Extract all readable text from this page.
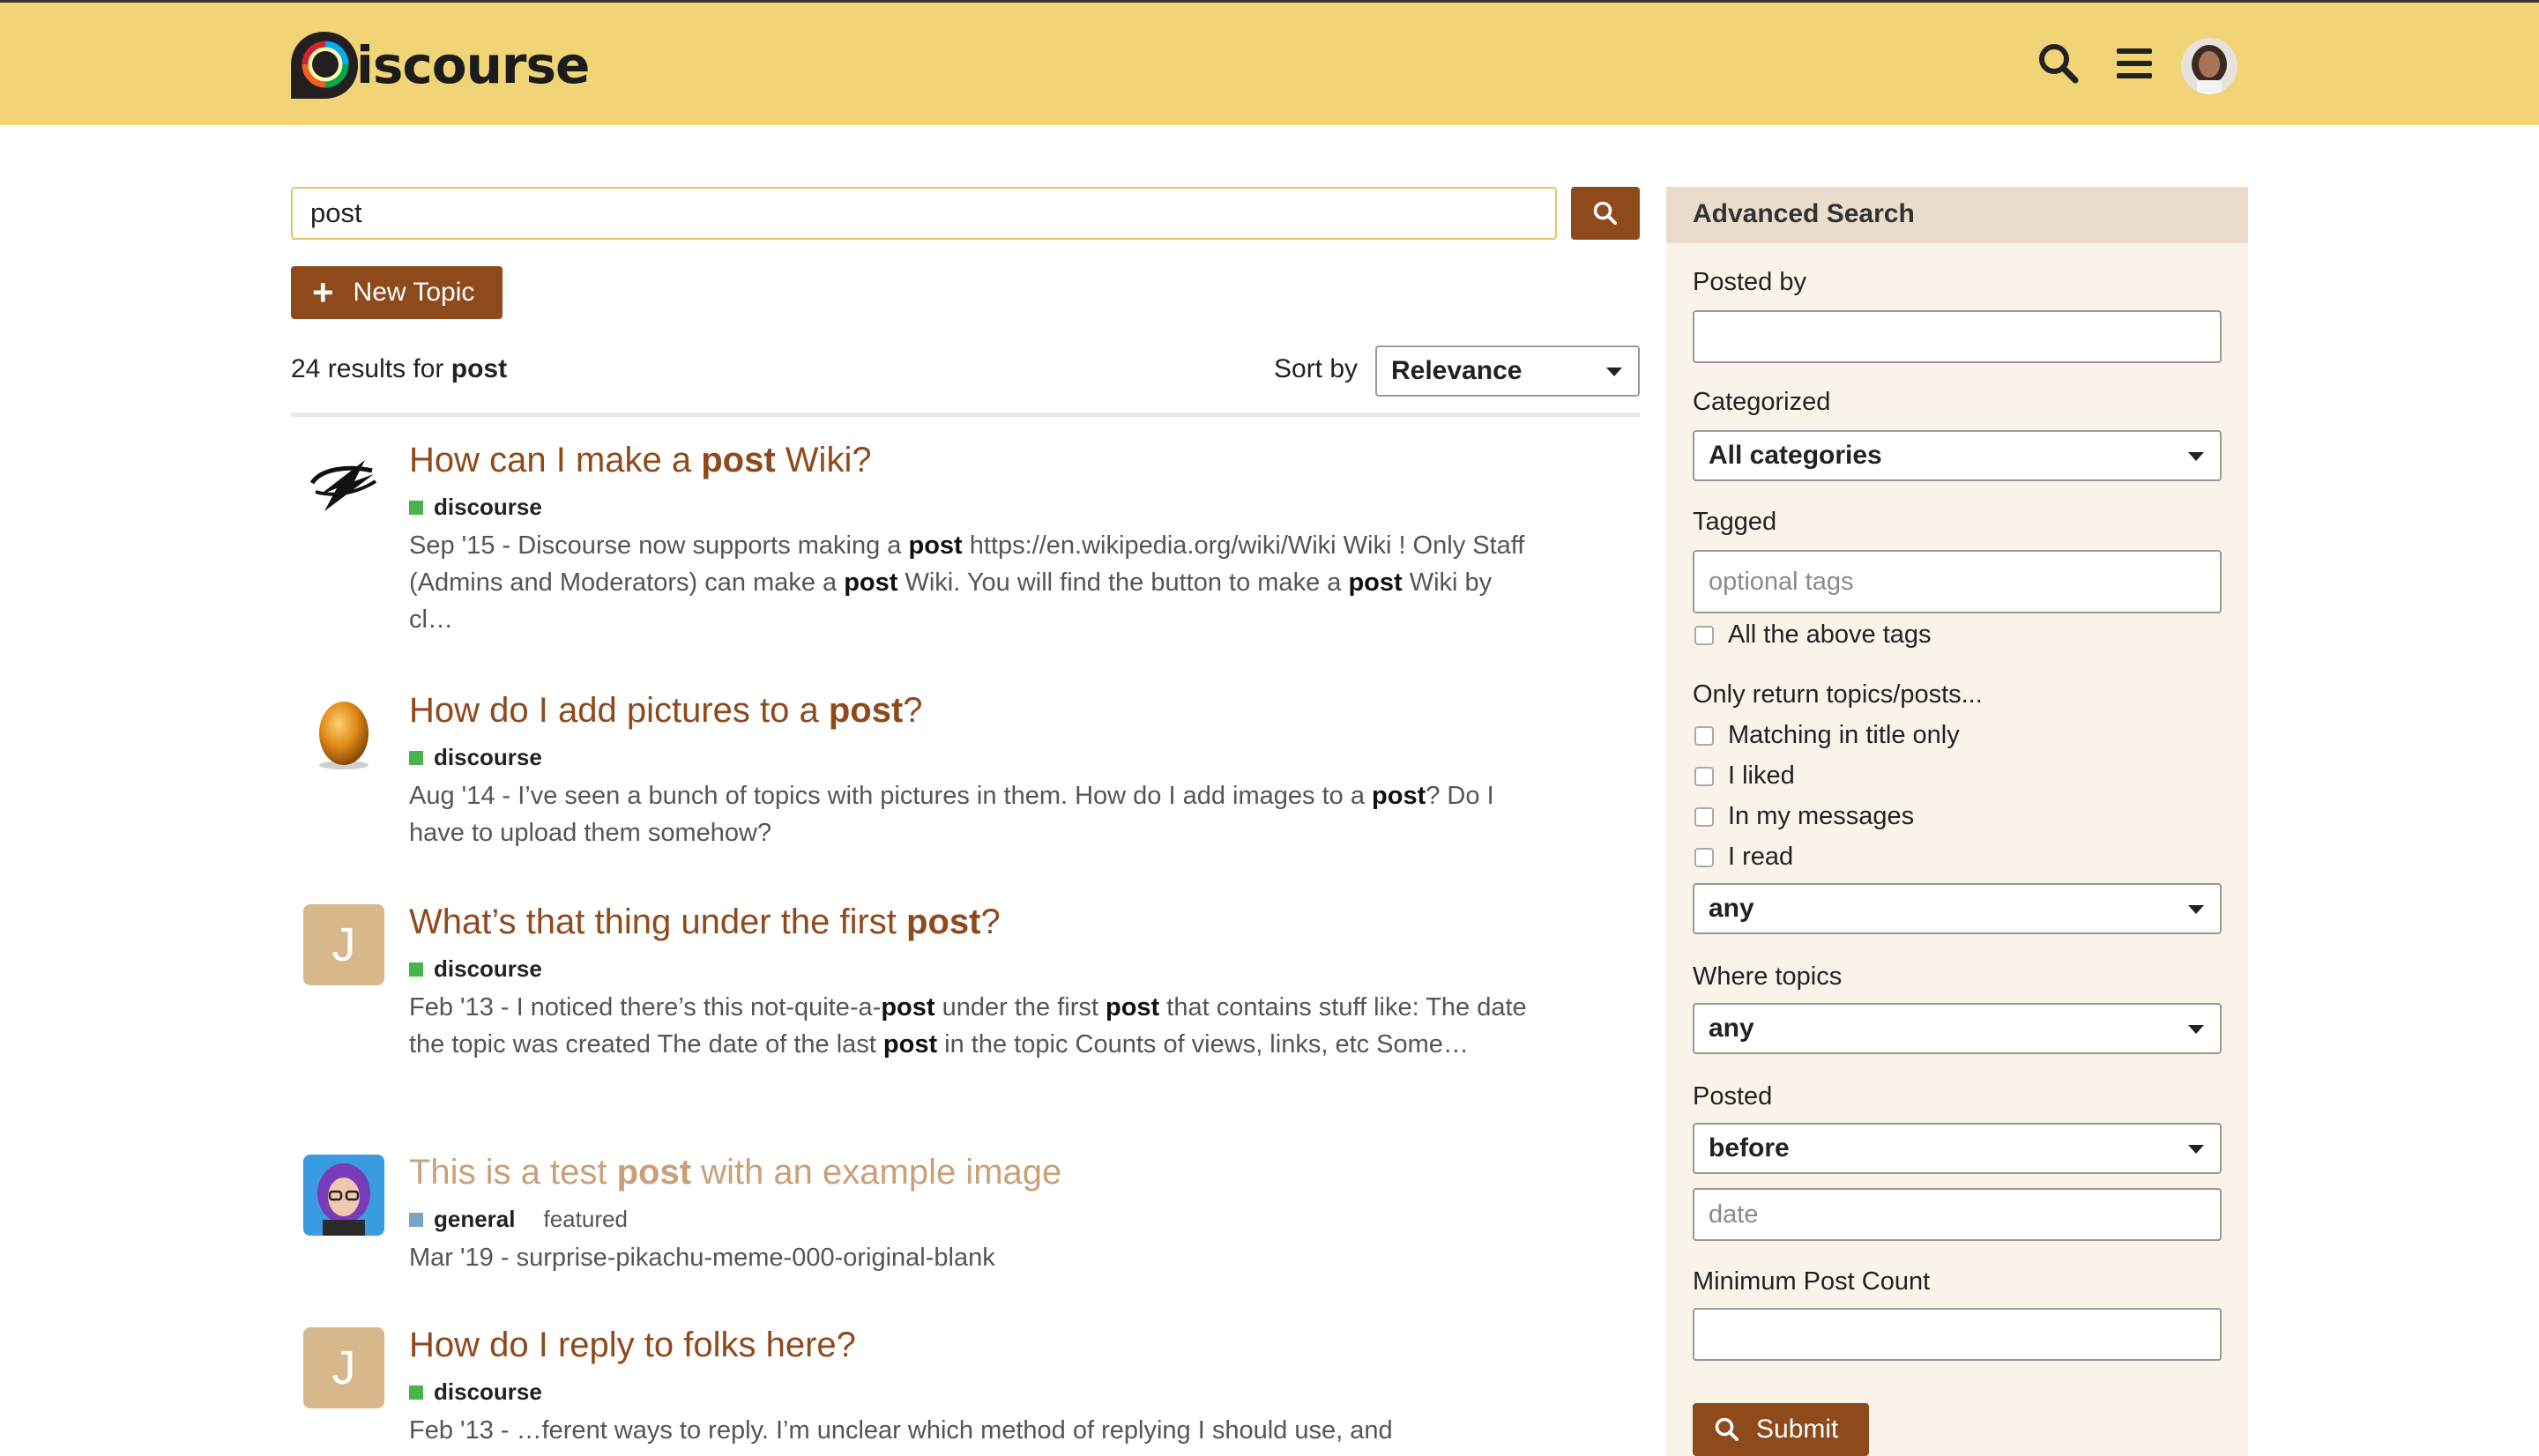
iscourse
post
+ New Topic
24 results for post	Sort by Relevance
How can I make a post Wiki?
discourse
Sep '15 - Discourse now supports making a post https://en.wikipedia.org/wiki/Wiki Wiki ! Only Staff (Admins and Moderators) can make a post Wiki. You will find the button to make a post Wiki by cl…
How do I add pictures to a post?
discourse
Aug '14 - I’ve seen a bunch of topics with pictures in them. How do I add images to a post? Do I have to upload them somehow?
J What’s that thing under the first post?
discourse
Feb '13 - I noticed there’s this not-quite-a-post under the first post that contains stuff like: The date the topic was created The date of the last post in the topic Counts of views, links, etc Some…
This is a test post with an example image
general featured
Mar '19 - surprise-pikachu-meme-000-original-blank
J How do I reply to folks here?
discourse
Feb '13 - …ferent ways to reply. I’m unclear which method of replying I should use, and
Advanced Search
Posted by
Categorized
All categories
Tagged
optional tags
All the above tags
Only return topics/posts...
Matching in title only
I liked
In my messages
I read
any
Where topics
any
Posted
before
date
Minimum Post Count
Submit
